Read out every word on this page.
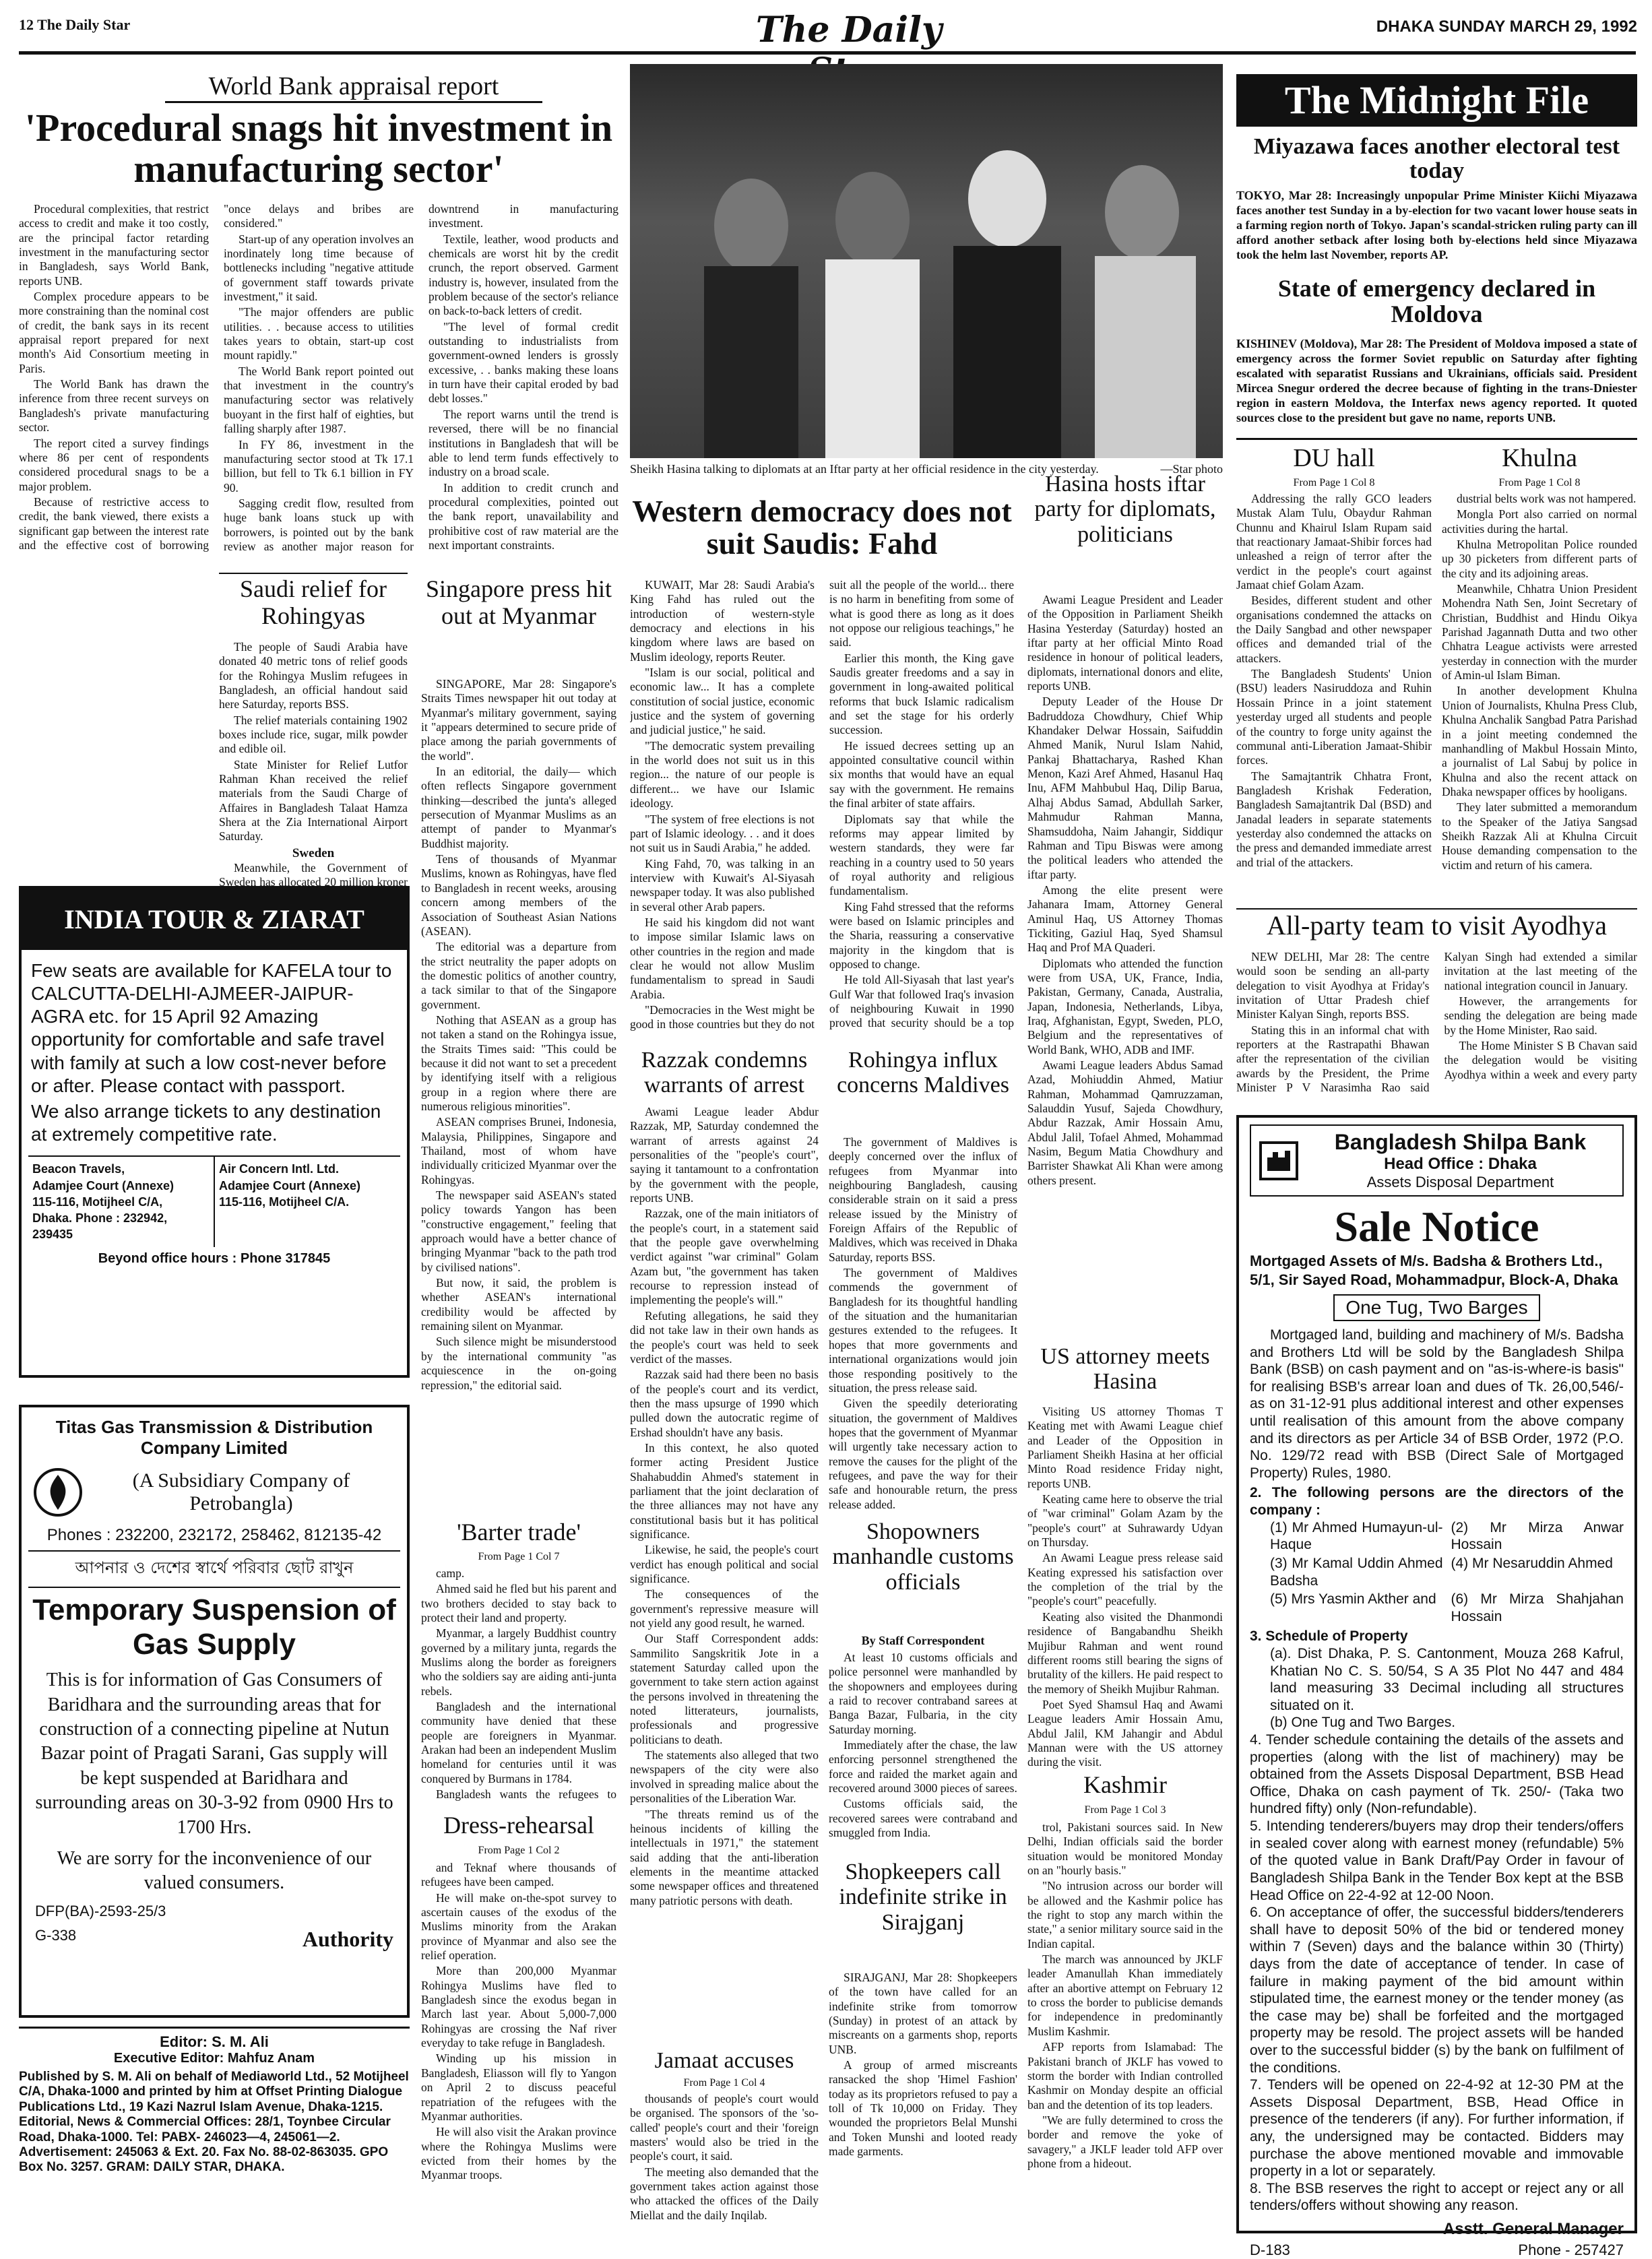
12 The Daily Star	The Daily	DHAKA SUNDAY MARCH 29, 1992
World Bank appraisal report
'Procedural snags hit investment in manufacturing sector'

Procedural complexities, that restrict access to credit and make it too costly, are the principal factor retarding investment in the manufacturing sector in Bangladesh, says World Bank, reports UNB.

Complex procedure appears to be more constraining than the nominal cost of credit, the bank says in its recent appraisal report prepared for next month's Aid Consortium meeting in Paris.

The World Bank has drawn the inference from three recent surveys on Bangladesh's private manufacturing sector.

The report cited a survey findings where 86 per cent of respondents considered procedural snags to be a major problem.

Because of restrictive access to credit, the bank viewed, there exists a significant gap between the interest rate and the effective cost of borrowing "once delays and bribes are considered."

Start-up of any operation involves an inordinately long time because of bottlenecks including "negative attitude of government staff towards private investment," it said.

"The major offenders are public utilities. . . because access to utilities takes years to obtain, start-up cost mount rapidly."

The World Bank report pointed out that investment in the country's manufacturing sector was relatively buoyant in the first half of eighties, but falling sharply after 1987.

In FY 86, investment in the manufacturing sector stood at Tk 17.1 billion, but fell to Tk 6.1 billion in FY 90.

Sagging credit flow, resulted from huge bank loans stuck up with borrowers, is pointed out by the bank review as another major reason for downtrend in manufacturing investment.

Textile, leather, wood products and chemicals are worst hit by the credit crunch, the report observed. Garment industry is, however, insulated from the problem because of the sector's reliance on back-to-back letters of credit.

"The level of formal credit outstanding to industrialists from government-owned lenders is grossly excessive, . . banks making these loans in turn have their capital eroded by bad debt losses."

The report warns until the trend is reversed, there will be no financial institutions in Bangladesh that will be able to lend term funds effectively to industry on a broad scale.

In addition to credit crunch and procedural complexities, pointed out the bank report, unavailability and prohibitive cost of raw material are the next important constraints.

Saudi relief for Rohingyas

The people of Saudi Arabia have donated 40 metric tons of relief goods for the Rohingya Muslim refugees in Bangladesh, an official handout said here Saturday, reports BSS.

The relief materials containing 1902 boxes include rice, sugar, milk powder and edible oil.

State Minister for Relief Lutfor Rahman Khan received the relief materials from the Saudi Charge of Affaires in Bangladesh Talaat Hamza Shera at the Zia International Airport Saturday.

Sweden

Meanwhile, the Government of Sweden has allocated 20 million kroner

Singapore press hit out at Myanmar

SINGAPORE, Mar 28: Singapore's Straits Times newspaper hit out today at Myanmar's military government, saying it "appears determined to secure pride of place among the pariah governments of the world".

In an editorial, the daily— which often reflects Singapore government thinking—described the junta's alleged persecution of Myanmar Muslims as an attempt of pander to Myanmar's Buddhist majority.

Tens of thousands of Myanmar Muslims, known as Rohingyas, have fled to Bangladesh in recent weeks, arousing concern among members of the Association of Southeast Asian Nations (ASEAN).

The editorial was a departure from the strict neutrality the paper adopts on the domestic politics of another country, a tack similar to that of the Singapore government.

Nothing that ASEAN as a group has not taken a stand on the Rohingya issue, the Straits Times said: "This could be because it did not want to set a precedent by identifying itself with a religious group in a region where there are numerous religious minorities".

ASEAN comprises Brunei, Indonesia, Malaysia, Philippines, Singapore and Thailand, most of whom have individually criticized Myanmar over the Rohingyas.

The newspaper said ASEAN's stated policy towards Yangon has been "constructive engagement," feeling that approach would have a better chance of bringing Myanmar "back to the path trod by civilised nations".

But now, it said, the problem is whether ASEAN's international credibility would be affected by remaining silent on Myanmar.

Such silence might be misunderstood by the international community "as acquiescence in the on-going repression," the editorial said.

INDIA TOUR & ZIARAT
Few seats are available for KAFELA tour to CALCUTTA-DELHI-AJMEER-JAIPUR-AGRA etc. for 15 April 92 Amazing opportunity for comfortable and safe travel with family at such a low cost-never before or after. Please contact with passport.
We also arrange tickets to any destination at extremely competitive rate.
Beacon Travels,
Adamjee Court (Annexe)
115-116, Motijheel C/A,
Dhaka. Phone : 232942, 239435
Air Concern Intl. Ltd.
Adamjee Court (Annexe)
115-116, Motijheel C/A.
Beyond office hours : Phone 317845
Titas Gas Transmission & Distribution Company Limited
(A Subsidiary Company of Petrobangla)
Phones : 232200, 232172, 258462, 812135-42
আপনার ও দেশের স্বার্থে পরিবার ছোট রাখুন
Temporary Suspension of Gas Supply
This is for information of Gas Consumers of Baridhara and the surrounding areas that for construction of a connecting pipeline at Nutun Bazar point of Pragati Sarani, Gas supply will be kept suspended at Baridhara and surrounding areas on 30-3-92 from 0900 Hrs to 1700 Hrs.
We are sorry for the inconvenience of our valued consumers.
DFP(BA)-2593-25/3
G-338	Authority
Editor: S. M. Ali
Executive Editor: Mahfuz Anam
Published by S. M. Ali on behalf of Mediaworld Ltd., 52 Motijheel C/A, Dhaka-1000 and printed by him at Offset Printing Dialogue Publications Ltd., 19 Kazi Nazrul Islam Avenue, Dhaka-1215. Editorial, News & Commercial Offices: 28/1, Toynbee Circular Road, Dhaka-1000. Tel: PABX- 246023—4, 245061—2. Advertisement: 245063 & Ext. 20. Fax No. 88-02-863035. GPO Box No. 3257. GRAM: DAILY STAR, DHAKA.
'Barter trade'
From Page 1 Col 7

camp.

Ahmed said he fled but his parent and two brothers decided to stay back to protect their land and property.

Myanmar, a largely Buddhist country governed by a military junta, regards the Muslims along the border as foreigners who the soldiers say are aiding anti-junta rebels.

Bangladesh and the international community have denied that these people are foreigners in Myanmar. Arakan had been an independent Muslim homeland for centuries until it was conquered by Burmans in 1784.

Bangladesh wants the refugees to

Dress-rehearsal
From Page 1 Col 2

and Teknaf where thousands of refugees have been camped.

He will make on-the-spot survey to ascertain causes of the exodus of the Muslims minority from the Arakan province of Myanmar and also see the relief operation.

More than 200,000 Myanmar Rohingya Muslims have fled to Bangladesh since the exodus began in March last year. About 5,000-7,000 Rohingyas are crossing the Naf river everyday to take refuge in Bangladesh.

Winding up his mission in Bangladesh, Eliasson will fly to Yangon on April 2 to discuss peaceful repatriation of the refugees with the Myanmar authorities.

He will also visit the Arakan province where the Rohingya Muslims were evicted from their homes by the Myanmar troops.

Sheikh Hasina talking to diplomats at an Iftar party at her official residence in the city yesterday.	—Star photo
Western democracy does not suit Saudis: Fahd

KUWAIT, Mar 28: Saudi Arabia's King Fahd has ruled out the introduction of western-style democracy and elections in his kingdom where laws are based on Muslim ideology, reports Reuter.

"Islam is our social, political and economic law... It has a complete constitution of social justice, economic justice and the system of governing and judicial justice," he said.

"The democratic system prevailing in the world does not suit us in this region... the nature of our people is different... we have our Islamic ideology.

"The system of free elections is not part of Islamic ideology. . . and it does not suit us in Saudi Arabia," he added.

King Fahd, 70, was talking in an interview with Kuwait's Al-Siyasah newspaper today. It was also published in several other Arab papers.

He said his kingdom did not want to impose similar Islamic laws on other countries in the region and made clear he would not allow Muslim fundamentalism to spread in Saudi Arabia.

"Democracies in the West might be good in those countries but they do not suit all the people of the world... there is no harm in benefiting from some of what is good there as long as it does not oppose our religious teachings," he said.

Earlier this month, the King gave Saudis greater freedoms and a say in government in long-awaited political reforms that buck Islamic radicalism and set the stage for his orderly succession.

He issued decrees setting up an appointed consultative council within six months that would have an equal say with the government. He remains the final arbiter of state affairs.

Diplomats say that while the reforms may appear limited by western standards, they were far reaching in a country used to 50 years of royal authority and religious fundamentalism.

King Fahd stressed that the reforms were based on Islamic principles and the Sharia, reassuring a conservative majority in the kingdom that is opposed to change.

He told All-Siyasah that last year's Gulf War that followed Iraq's invasion of neighbouring Kuwait in 1990 proved that security should be a top

Razzak condemns warrants of arrest

Awami League leader Abdur Razzak, MP, Saturday condemned the warrant of arrests against 24 personalities of the "people's court", saying it tantamount to a confrontation by the government with the people, reports UNB.

Razzak, one of the main initiators of the people's court, in a statement said that the people gave overwhelming verdict against "war criminal" Golam Azam but, "the government has taken recourse to repression instead of implementing the people's will."

Refuting allegations, he said they did not take law in their own hands as the people's court was held to seek verdict of the masses.

Razzak said had there been no basis of the people's court and its verdict, then the mass upsurge of 1990 which pulled down the autocratic regime of Ershad shouldn't have any basis.

In this context, he also quoted former acting President Justice Shahabuddin Ahmed's statement in parliament that the joint declaration of the three alliances may not have any constitutional basis but it has political significance.

Likewise, he said, the people's court verdict has enough political and social significance.

The consequences of the government's repressive measure will not yield any good result, he warned.

Our Staff Correspondent adds: Sammilito Sangskritik Jote in a statement Saturday called upon the government to take stern action against the persons involved in threatening the noted litterateurs, journalists, professionals and progressive politicians to death.

The statements also alleged that two newspapers of the city were also involved in spreading malice about the personalities of the Liberation War.

"The threats remind us of the heinous incidents of killing the intellectuals in 1971," the statement said adding that the anti-liberation elements in the meantime attacked some newspaper offices and threatened many patriotic persons with death.

Jamaat accuses
From Page 1 Col 4

thousands of people's court would be organised. The sponsors of the 'so-called' people's court and their 'foreign masters' would also be tried in the people's court, it said.

The meeting also demanded that the government takes action against those who attacked the offices of the Daily Miellat and the daily Inqilab.

Rohingya influx concerns Maldives

The government of Maldives is deeply concerned over the influx of refugees from Myanmar into neighbouring Bangladesh, causing considerable strain on it said a press release issued by the Ministry of Foreign Affairs of the Republic of Maldives, which was received in Dhaka Saturday, reports BSS.

The government of Maldives commends the government of Bangladesh for its thoughtful handling of the situation and the humanitarian gestures extended to the refugees. It hopes that more governments and international organizations would join those responding positively to the situation, the press release said.

Given the speedily deteriorating situation, the government of Maldives hopes that the government of Myanmar will urgently take necessary action to remove the causes for the plight of the refugees, and pave the way for their safe and honourable return, the press release added.

Shopowners manhandle customs officials
By Staff Correspondent

At least 10 customs officials and police personnel were manhandled by the shopowners and employees during a raid to recover contraband sarees at Banga Bazar, Fulbaria, in the city Saturday morning.

Immediately after the chase, the law enforcing personnel strengthened the force and raided the market again and recovered around 3000 pieces of sarees.

Customs officials said, the recovered sarees were contraband and smuggled from India.

Shopkeepers call indefinite strike in Sirajganj

SIRAJGANJ, Mar 28: Shopkeepers of the town have called for an indefinite strike from tomorrow (Sunday) in protest of an attack by miscreants on a garments shop, reports UNB.

A group of armed miscreants ransacked the shop 'Himel Fashion' today as its proprietors refused to pay a toll of Tk 10,000 on Friday. They wounded the proprietors Belal Munshi and Token Munshi and looted ready made garments.

Hasina hosts iftar party for diplomats, politicians

Awami League President and Leader of the Opposition in Parliament Sheikh Hasina Yesterday (Saturday) hosted an iftar party at her official Minto Road residence in honour of political leaders, diplomats, international donors and elite, reports UNB.

Deputy Leader of the House Dr Badruddoza Chowdhury, Chief Whip Khandaker Delwar Hossain, Saifuddin Ahmed Manik, Nurul Islam Nahid, Pankaj Bhattacharya, Rashed Khan Menon, Kazi Aref Ahmed, Hasanul Haq Inu, AFM Mahbubul Haq, Dilip Barua, Alhaj Abdus Samad, Abdullah Sarker, Mahmudur Rahman Manna, Shamsuddoha, Naim Jahangir, Siddiqur Rahman and Tipu Biswas were among the political leaders who attended the iftar party.

Among the elite present were Jahanara Imam, Attorney General Aminul Haq, US Attorney Thomas Tickiting, Gaziul Haq, Syed Shamsul Haq and Prof MA Quaderi.

Diplomats who attended the function were from USA, UK, France, India, Pakistan, Germany, Canada, Australia, Japan, Indonesia, Netherlands, Libya, Iraq, Afghanistan, Egypt, Sweden, PLO, Belgium and the representatives of World Bank, WHO, ADB and IMF.

Awami League leaders Abdus Samad Azad, Mohiuddin Ahmed, Matiur Rahman, Mohammad Qamruzzaman, Salauddin Yusuf, Sajeda Chowdhury, Abdur Razzak, Amir Hossain Amu, Abdul Jalil, Tofael Ahmed, Mohammad Nasim, Begum Matia Chowdhury and Barrister Shawkat Ali Khan were among others present.

US attorney meets Hasina

Visiting US attorney Thomas T Keating met with Awami League chief and Leader of the Opposition in Parliament Sheikh Hasina at her official Minto Road residence Friday night, reports UNB.

Keating came here to observe the trial of "war criminal" Golam Azam by the "people's court" at Suhrawardy Udyan on Thursday.

An Awami League press release said Keating expressed his satisfaction over the completion of the trial by the "people's court" peacefully.

Keating also visited the Dhanmondi residence of Bangabandhu Sheikh Mujibur Rahman and went round different rooms still bearing the signs of brutality of the killers. He paid respect to the memory of Sheikh Mujibur Rahman.

Poet Syed Shamsul Haq and Awami League leaders Amir Hossain Amu, Abdul Jalil, KM Jahangir and Abdul Mannan were with the US attorney during the visit.

Kashmir
From Page 1 Col 3

trol, Pakistani sources said. In New Delhi, Indian officials said the border situation would be monitored Monday on an "hourly basis."

"No intrusion across our border will be allowed and the Kashmir police has the right to stop any march within the state," a senior military source said in the Indian capital.

The march was announced by JKLF leader Amanullah Khan immediately after an abortive attempt on February 12 to cross the border to publicise demands for independence in predominantly Muslim Kashmir.

AFP reports from Islamabad: The Pakistani branch of JKLF has vowed to storm the border with Indian controlled Kashmir on Monday despite an official ban and the detention of its top leaders.

"We are fully determined to cross the border and remove the yoke of savagery," a JKLF leader told AFP over phone from a hideout.

The Midnight File
Miyazawa faces another electoral test today
TOKYO, Mar 28: Increasingly unpopular Prime Minister Kiichi Miyazawa faces another test Sunday in a by-election for two vacant lower house seats in a farming region north of Tokyo. Japan's scandal-stricken ruling party can ill afford another setback after losing both by-elections held since Miyazawa took the helm last November, reports AP.
State of emergency declared in Moldova
KISHINEV (Moldova), Mar 28: The President of Moldova imposed a state of emergency across the former Soviet republic on Saturday after fighting escalated with separatist Russians and Ukrainians, officials said. President Mircea Snegur ordered the decree because of fighting in the trans-Dniester region in eastern Moldova, the Interfax news agency reported. It quoted sources close to the president but gave no name, reports UNB.
DU hall
From Page 1 Col 8

Addressing the rally GCO leaders Mustak Alam Tulu, Obaydur Rahman Chunnu and Khairul Islam Rupam said that reactionary Jamaat-Shibir forces had unleashed a reign of terror after the verdict in the people's court against Jamaat chief Golam Azam.

Besides, different student and other organisations condemned the attacks on the Daily Sangbad and other newspaper offices and demanded trial of the attackers.

The Bangladesh Students' Union (BSU) leaders Nasiruddoza and Ruhin Hossain Prince in a joint statement yesterday urged all students and people of the country to forge unity against the communal anti-Liberation Jamaat-Shibir forces.

The Samajtantrik Chhatra Front, Bangladesh Krishak Federation, Bangladesh Samajtantrik Dal (BSD) and Janadal leaders in separate statements yesterday also condemned the attacks on the press and demanded immediate arrest and trial of the attackers.

Khulna
From Page 1 Col 8

dustrial belts work was not hampered.

Mongla Port also carried on normal activities during the hartal.

Khulna Metropolitan Police rounded up 30 picketers from different parts of the city and its adjoining areas.

Meanwhile, Chhatra Union President Mohendra Nath Sen, Joint Secretary of Christian, Buddhist and Hindu Oikya Parishad Jagannath Dutta and two other Chhatra League activists were arrested yesterday in connection with the murder of Amin-ul Islam Biman.

In another development Khulna Union of Journalists, Khulna Press Club, Khulna Anchalik Sangbad Patra Parishad in a joint meeting condemned the manhandling of Makbul Hossain Minto, a journalist of Lal Sabuj by police in Khulna and also the recent attack on Dhaka newspaper offices by hooligans.

They later submitted a memorandum to the Speaker of the Jatiya Sangsad Sheikh Razzak Ali at Khulna Circuit House demanding compensation to the victim and return of his camera.

All-party team to visit Ayodhya

NEW DELHI, Mar 28: The centre would soon be sending an all-party delegation to visit Ayodhya at Friday's invitation of Uttar Pradesh chief Minister Kalyan Singh, reports BSS.

Stating this in an informal chat with reporters at the Rastrapathi Bhawan after the representation of the civilian awards by the President, the Prime Minister P V Narasimha Rao said Kalyan Singh had extended a similar invitation at the last meeting of the national integration council in January.

However, the arrangements for sending the delegation are being made by the Home Minister, Rao said.

The Home Minister S B Chavan said the delegation would be visiting Ayodhya within a week and every party

Bangladesh Shilpa Bank
Head Office : Dhaka
Assets Disposal Department
Sale Notice
Mortgaged Assets of M/s. Badsha & Brothers Ltd., 5/1, Sir Sayed Road, Mohammadpur, Block-A, Dhaka
One Tug, Two Barges
Mortgaged land, building and machinery of M/s. Badsha and Brothers Ltd will be sold by the Bangladesh Shilpa Bank (BSB) on cash payment and on "as-is-where-is basis" for realising BSB's arrear loan and dues of Tk. 26,00,546/- as on 31-12-91 plus additional interest and other expenses until realisation of this amount from the above company and its directors as per Article 34 of BSB Order, 1972 (P.O. No. 129/72 read with BSB (Direct Sale of Mortgaged Property) Rules, 1980.
2. The following persons are the directors of the company :
(1) Mr Ahmed Humayun-ul-Haque
(2) Mr Mirza Anwar Hossain
(3) Mr Kamal Uddin Ahmed Badsha
(4) Mr Nesaruddin Ahmed
(5) Mrs Yasmin Akther and	(6) Mr Mirza Shahjahan Hossain
3. Schedule of Property
(a). Dist Dhaka, P. S. Cantonment, Mouza 268 Kafrul, Khatian No C. S. 50/54, S A 35 Plot No 447 and 484 land measuring 33 Decimal including all structures situated on it.
(b) One Tug and Two Barges.
4. Tender schedule containing the details of the assets and properties (along with the list of machinery) may be obtained from the Assets Disposal Department, BSB Head Office, Dhaka on cash payment of Tk. 250/- (Taka two hundred fifty) only (Non-refundable).
5. Intending tenderers/buyers may drop their tenders/offers in sealed cover along with earnest money (refundable) 5% of the quoted value in Bank Draft/Pay Order in favour of Bangladesh Shilpa Bank in the Tender Box kept at the BSB Head Office on 22-4-92 at 12-00 Noon.
6. On acceptance of offer, the successful bidders/tenderers shall have to deposit 50% of the bid or tendered money within 7 (Seven) days and the balance within 30 (Thirty) days from the date of acceptance of tender. In case of failure in making payment of the bid amount within stipulated time, the earnest money or the tender money (as the case may be) shall be forfeited and the mortgaged property may be resold. The project assets will be handed over to the successful bidder (s) by the bank on fulfilment of the conditions.
7. Tenders will be opened on 22-4-92 at 12-30 PM at the Assets Disposal Department, BSB, Head Office in presence of the tenderers (if any). For further information, if any, the undersigned may be contacted. Bidders may purchase the above mentioned movable and immovable property in a lot or separately.
8. The BSB reserves the right to accept or reject any or all tenders/offers without showing any reason.
Asstt. General Manager
D-183	Phone - 257427
